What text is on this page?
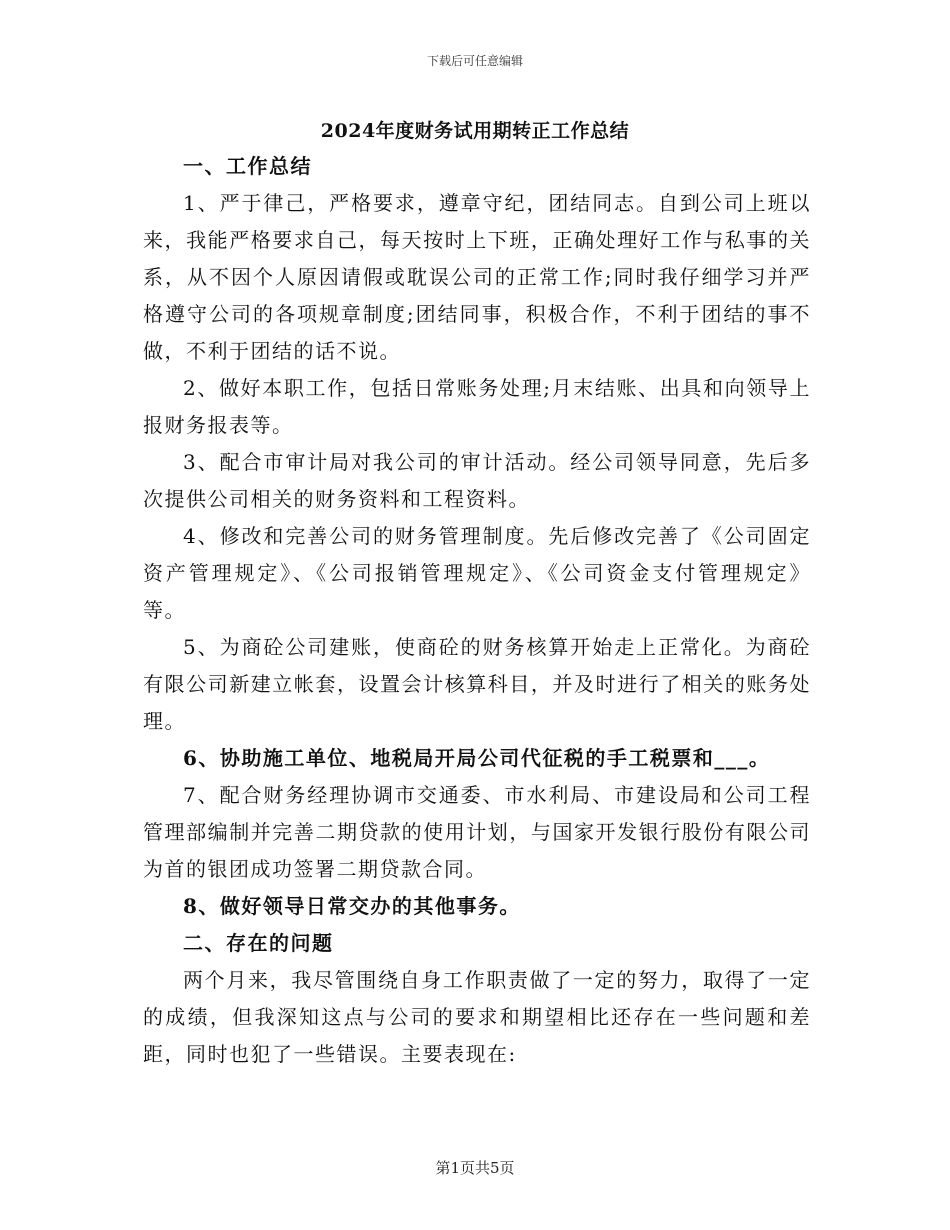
下载后可任意编辑
2024年度财务试用期转正工作总结

一、工作总结

1、严于律己，严格要求，遵章守纪，团结同志。自到公司上班以来，我能严格要求自己，每天按时上下班，正确处理好工作与私事的关系，从不因个人原因请假或耽误公司的正常工作;同时我仔细学习并严格遵守公司的各项规章制度;团结同事，积极合作，不利于团结的事不做，不利于团结的话不说。

2、做好本职工作，包括日常账务处理;月末结账、出具和向领导上报财务报表等。

3、配合市审计局对我公司的审计活动。经公司领导同意，先后多次提供公司相关的财务资料和工程资料。

4、修改和完善公司的财务管理制度。先后修改完善了《公司固定资产管理规定》、《公司报销管理规定》、《公司资金支付管理规定》等。

5、为商砼公司建账，使商砼的财务核算开始走上正常化。为商砼有限公司新建立帐套，设置会计核算科目，并及时进行了相关的账务处理。

6、协助施工单位、地税局开局公司代征税的手工税票和___。

7、配合财务经理协调市交通委、市水利局、市建设局和公司工程管理部编制并完善二期贷款的使用计划，与国家开发银行股份有限公司为首的银团成功签署二期贷款合同。

8、做好领导日常交办的其他事务。

二、存在的问题

两个月来，我尽管围绕自身工作职责做了一定的努力，取得了一定的成绩，但我深知这点与公司的要求和期望相比还存在一些问题和差距，同时也犯了一些错误。主要表现在:

第1页共5页
